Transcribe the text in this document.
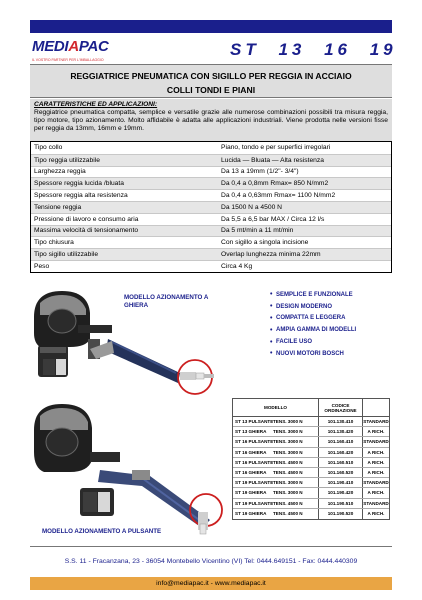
MEDIAPAC
IL VOSTRO PARTNER PER L'IMBALLAGGIO
ST 13 16 19
REGGIATRICE PNEUMATICA CON SIGILLO PER REGGIA IN ACCIAIO
COLLI TONDI E PIANI
CARATTERISTICHE ED APPLICAZIONI:
Reggiatrice pneumatica compatta, semplice e versatile grazie alle numerose combinazioni possibili tra misura reggia, tipo motore, tipo azionamento. Molto affidabile è adatta alle applicazioni industriali. Viene prodotta nelle versioni fisse per reggia da 13mm, 16mm e 19mm.
Tipo collo	Piano, tondo e per superfici irregolari
Tipo reggia utilizzabile	Lucida — Bluata — Alta resistenza
Larghezza reggia	Da 13 a 19mm (1/2"- 3/4")
Spessore reggia lucida /bluata	Da 0,4 a 0,8mm Rmax= 850 N/mm2
Spessore reggia alta resistenza	Da 0,4 a 0,63mm Rmax= 1100 N/mm2
Tensione reggia	Da 1500 N a 4500 N
Pressione di lavoro e consumo aria	Da 5,5 a 6,5 bar MAX / Circa 12 l/s
Massima velocità di tensionamento	Da 5 mt/min a 11 mt/min
Tipo chiusura	Con sigillo a singola incisione
Tipo sigillo utilizzabile	Overlap lunghezza minima 22mm
Peso	Circa 4 Kg
MODELLO AZIONAMENTO A GHIERA
MODELLO AZIONAMENTO A PULSANTE
• SEMPLICE E FUNZIONALE
• DESIGN MODERNO
• COMPATTA E LEGGERA
• AMPIA GAMMA DI MODELLI
• FACILE USO
• NUOVI MOTORI BOSCH
MODELLO	CODICE ORDINAZIONE
ST 13 PULSANTE TENS. 3000 N	101.130.410	STANDARD
ST 13 GHIERA	TENS. 3000 N	101.130.420	A RICH.
ST 16 PULSANTE TENS. 3000 N	101.160.410	STANDARD
ST 16 GHIERA	TENS. 3000 N	101.160.420	A RICH.
ST 16 PULSANTE TENS. 4500 N	101.160.510	A RICH.
ST 16 GHIERA	TENS. 4500 N	101.160.520	A RICH.
ST 19 PULSANTE TENS. 3000 N	101.190.410	STANDARD
ST 19 GHIERA	TENS. 3000 N	101.190.420	A RICH.
ST 19 PULSANTE TENS. 4500 N	101.190.510	STANDARD
ST 19 GHIERA	TENS. 4500 N	101.190.520	A RICH.
S.S. 11 - Fracanzana, 23 - 36054 Montebello Vicentino (VI) Tel: 0444.649151 - Fax: 0444.440309
info@mediapac.it - www.mediapac.it
